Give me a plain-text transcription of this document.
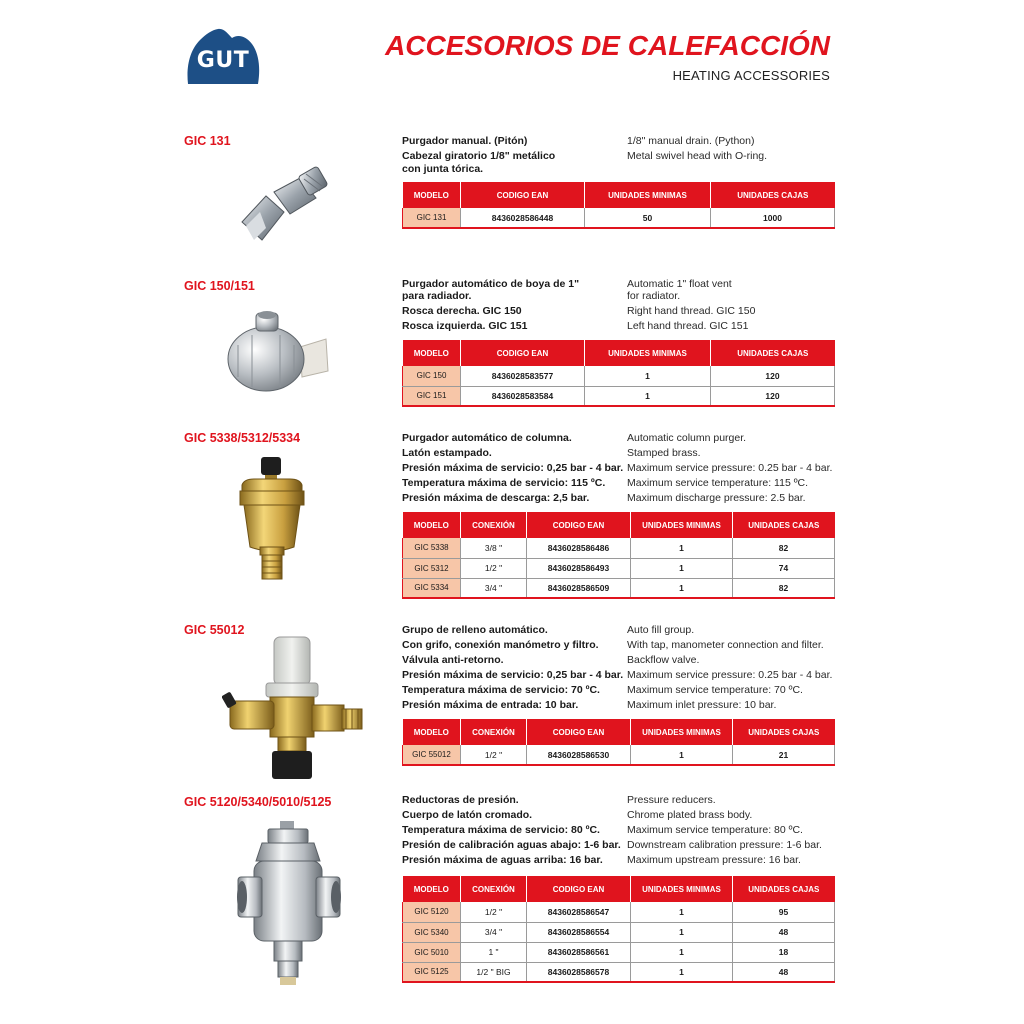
GUT	ACCESORIOS DE CALEFACCIÓN
HEATING ACCESSORIES
GIC 131	Purgador manual. (Pitón)
Cabezal giratorio 1/8" metálico
con junta tórica.
1/8" manual drain. (Python)
Metal swivel head with O-ring.
MODELO	CODIGO EAN	UNIDADES MINIMAS	UNIDADES CAJAS
GIC 131	8436028586448	50	1000
GIC 150/151	Purgador automático de boya de 1"
para radiador.
Rosca derecha. GIC 150
Rosca izquierda. GIC 151
Automatic 1" float vent
for radiator.
Right hand thread. GIC 150
Left hand thread. GIC 151
MODELO	CODIGO EAN	UNIDADES MINIMAS	UNIDADES CAJAS
GIC 150	8436028583577	1	120
GIC 151	8436028583584	1	120
GIC 5338/5312/5334	Purgador automático de columna.
Latón estampado.
Presión máxima de servicio: 0,25 bar - 4 bar.
Temperatura máxima de servicio: 115 ºC.
Presión máxima de descarga: 2,5 bar.
Automatic column purger.
Stamped brass.
Maximum service pressure: 0.25 bar - 4 bar.
Maximum service temperature: 115 ºC.
Maximum discharge pressure: 2.5 bar.
MODELO	CONEXIÓN	CODIGO EAN	UNIDADES MINIMAS	UNIDADES CAJAS
GIC 5338	3/8 "	8436028586486	1	82
GIC 5312	1/2 "	8436028586493	1	74
GIC 5334	3/4 "	8436028586509	1	82
GIC 55012	Grupo de relleno automático.
Con grifo, conexión manómetro y filtro.
Válvula anti-retorno.
Presión máxima de servicio: 0,25 bar - 4 bar.
Temperatura máxima de servicio: 70 ºC.
Presión máxima de entrada: 10 bar.
Auto fill group.
With tap, manometer connection and filter.
Backflow valve.
Maximum service pressure: 0.25 bar - 4 bar.
Maximum service temperature: 70 ºC.
Maximum inlet pressure: 10 bar.
MODELO	CONEXIÓN	CODIGO EAN	UNIDADES MINIMAS	UNIDADES CAJAS
GIC 55012	1/2 "	8436028586530	1	21
GIC 5120/5340/5010/5125	Reductoras de presión.
Cuerpo de latón cromado.
Temperatura máxima de servicio: 80 ºC.
Presión de calibración aguas abajo: 1-6 bar.
Presión máxima de aguas arriba: 16 bar.
Pressure reducers.
Chrome plated brass body.
Maximum service temperature: 80 ºC.
Downstream calibration pressure: 1-6 bar.
Maximum upstream pressure: 16 bar.
MODELO	CONEXIÓN	CODIGO EAN	UNIDADES MINIMAS	UNIDADES CAJAS
GIC 5120	1/2 "	8436028586547	1	95
GIC 5340	3/4 "	8436028586554	1	48
GIC 5010	1 "	8436028586561	1	18
GIC 5125	1/2 " BIG	8436028586578	1	48
